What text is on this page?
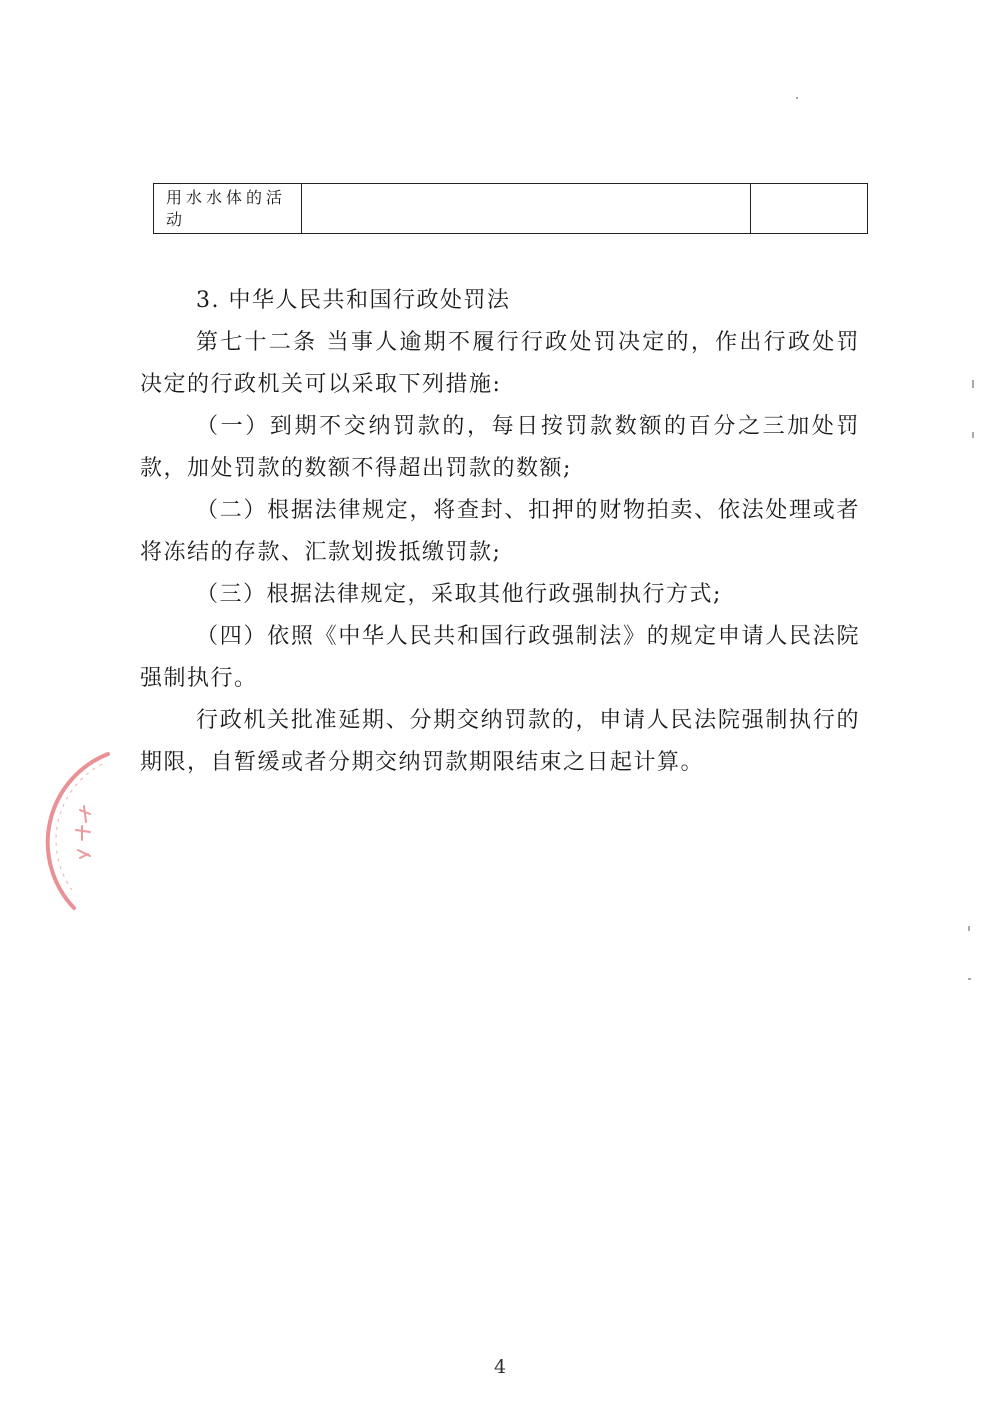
用水水体的活动

3. 中华人民共和国行政处罚法

第七十二条 当事人逾期不履行行政处罚决定的，作出行政处罚决定的行政机关可以采取下列措施:

（一）到期不交纳罚款的，每日按罚款数额的百分之三加处罚款，加处罚款的数额不得超出罚款的数额;

（二）根据法律规定，将查封、扣押的财物拍卖、依法处理或者将冻结的存款、汇款划拨抵缴罚款;

（三）根据法律规定，采取其他行政强制执行方式;

（四）依照《中华人民共和国行政强制法》的规定申请人民法院强制执行。

行政机关批准延期、分期交纳罚款的，申请人民法院强制执行的期限，自暂缓或者分期交纳罚款期限结束之日起计算。

4
